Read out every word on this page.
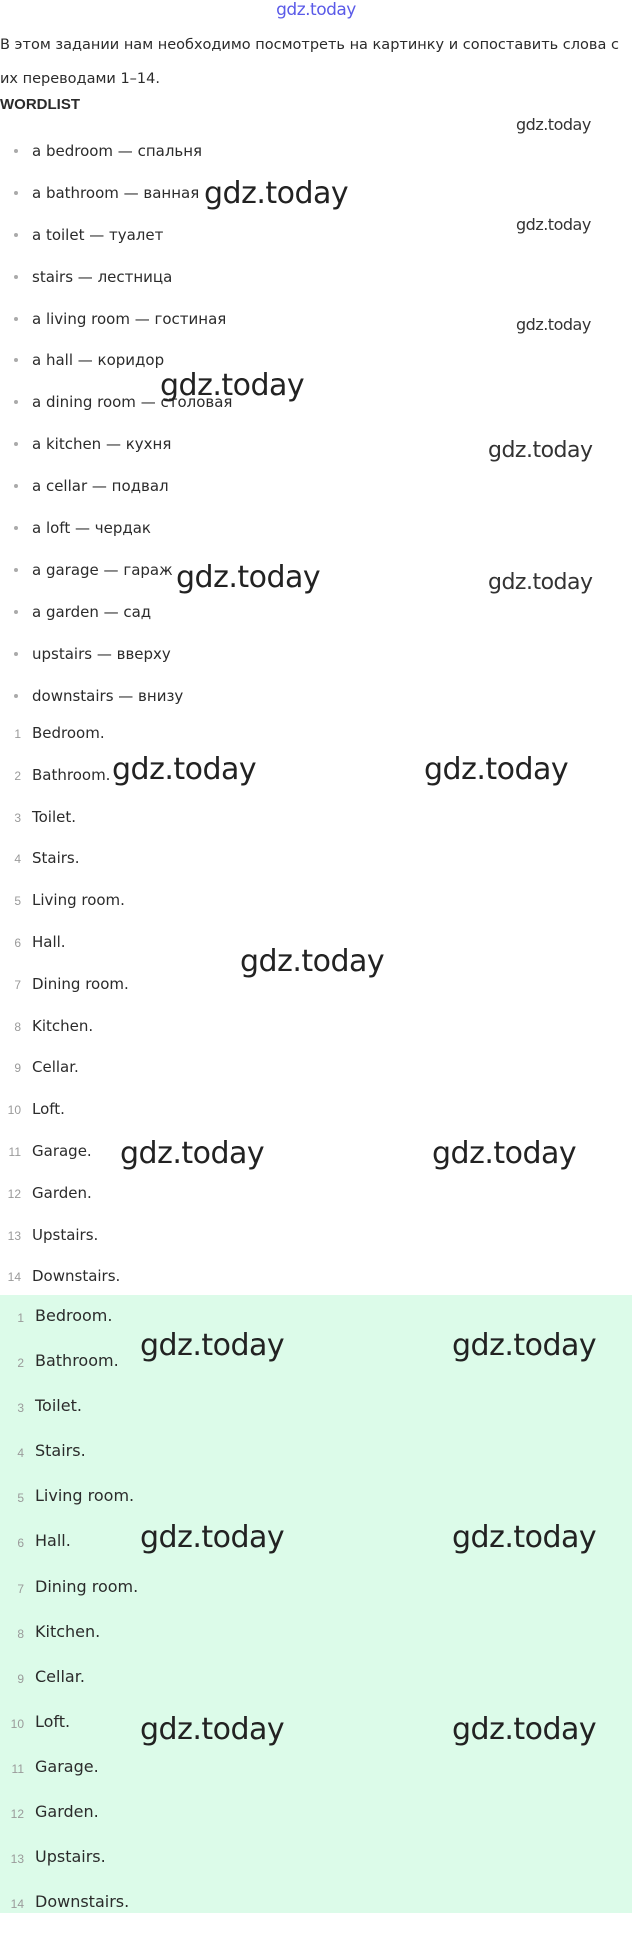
gdz.today
В этом задании нам необходимо посмотреть на картинку и сопоставить слова с их переводами 1–14.
WORDLIST
a bedroom — спальня
a bathroom — ванная
a toilet — туалет
stairs — лестница
a living room — гостиная
a hall — коридор
a dining room — столовая
a kitchen — кухня
a cellar — подвал
a loft — чердак
a garage — гараж
a garden — сад
upstairs — вверху
downstairs — внизу
1 Bedroom.
2 Bathroom.
3 Toilet.
4 Stairs.
5 Living room.
6 Hall.
7 Dining room.
8 Kitchen.
9 Cellar.
10 Loft.
11 Garage.
12 Garden.
13 Upstairs.
14 Downstairs.
1 Bedroom.
2 Bathroom.
3 Toilet.
4 Stairs.
5 Living room.
6 Hall.
7 Dining room.
8 Kitchen.
9 Cellar.
10 Loft.
11 Garage.
12 Garden.
13 Upstairs.
14 Downstairs.
gdz.today
gdz.today
gdz.today
gdz.today
gdz.today
gdz.today
gdz.today	gdz.today
gdz.today	gdz.today
gdz.today
gdz.today	gdz.today
gdz.today	gdz.today
gdz.today	gdz.today
gdz.today	gdz.today
